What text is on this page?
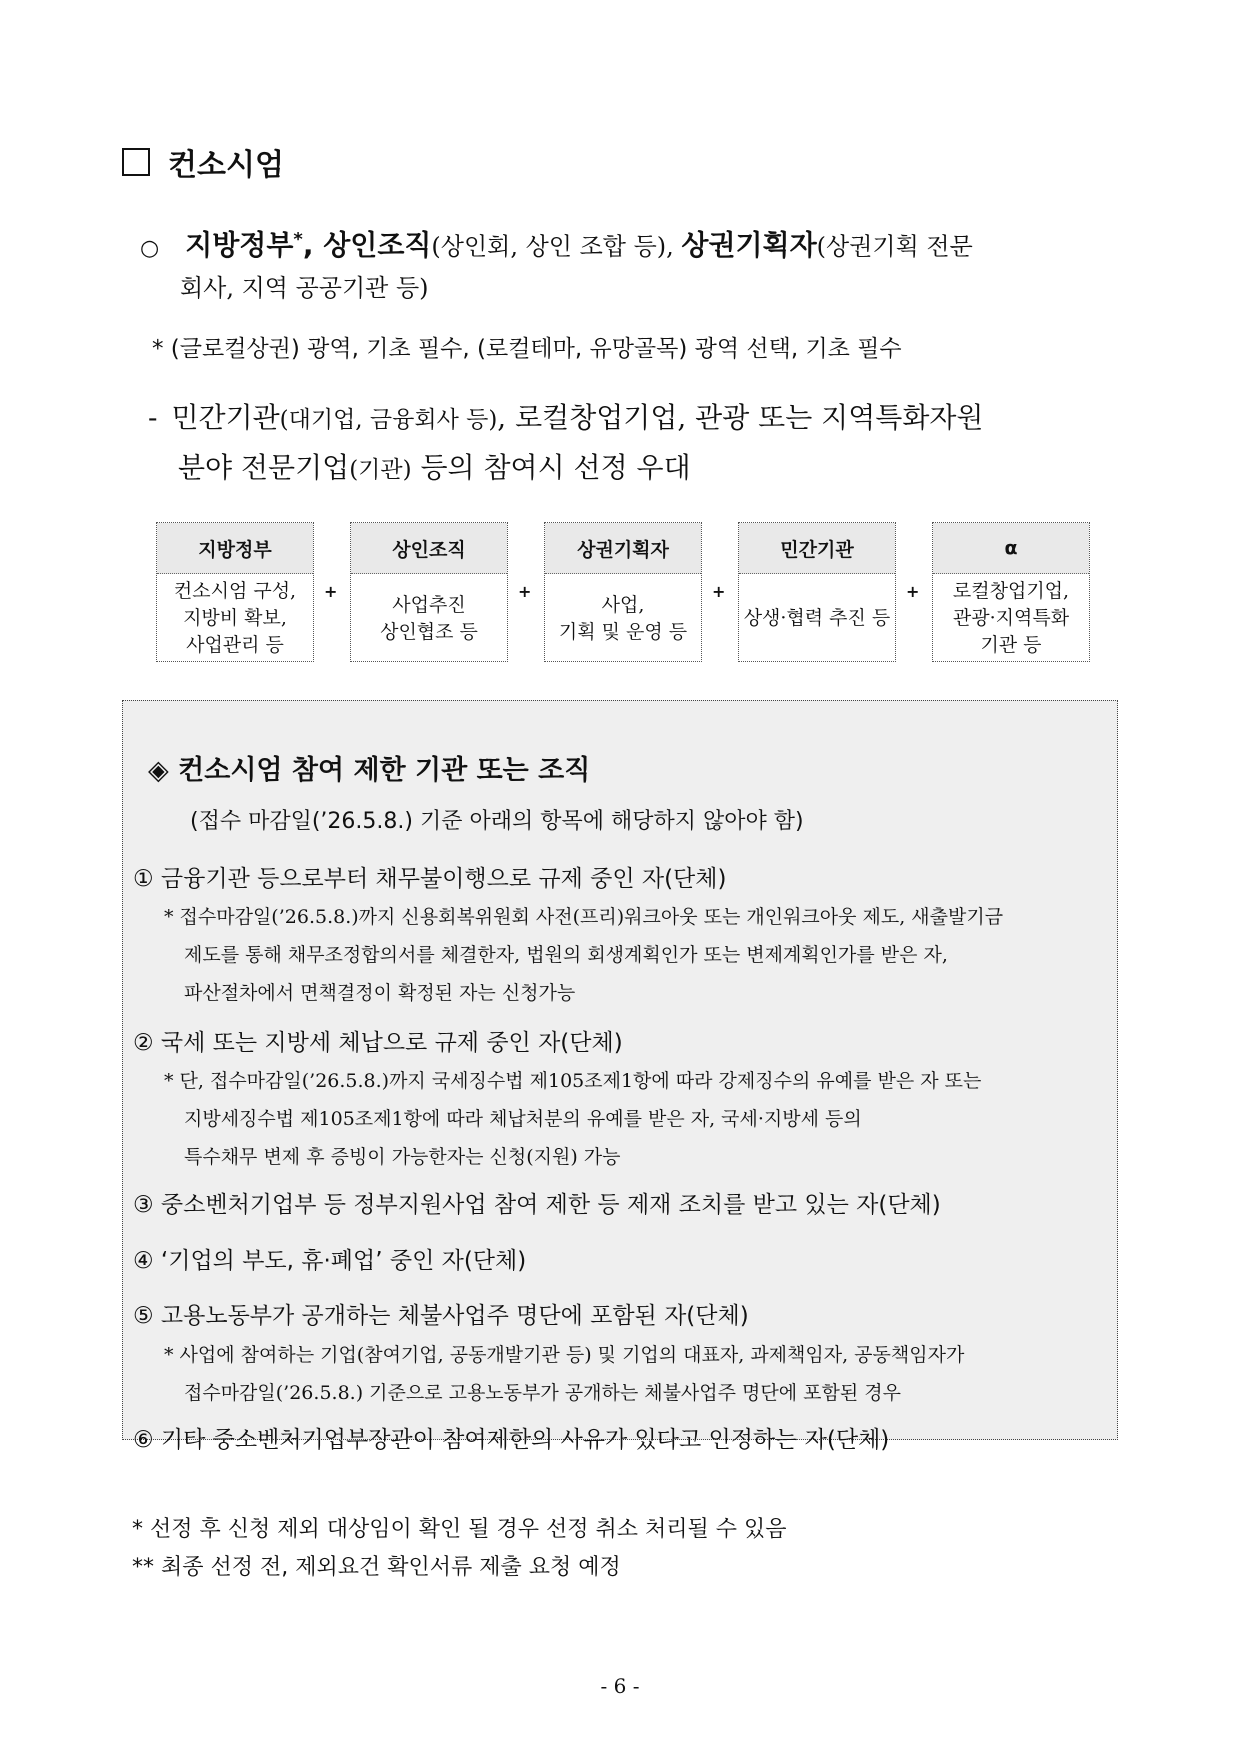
컨소시엄
○ 지방정부*, 상인조직(상인회, 상인 조합 등), 상권기획자(상권기획 전문
회사, 지역 공공기관 등)
* (글로컬상권) 광역, 기초 필수, (로컬테마, 유망골목) 광역 선택, 기초 필수
- 민간기관(대기업, 금융회사 등), 로컬창업기업, 관광 또는 지역특화자원
분야 전문기업(기관) 등의 참여시 선정 우대
지방정부
컨소시엄 구성,
지방비 확보,
사업관리 등
+
상인조직
사업추진
상인협조 등
+
상권기획자
사업,
기획 및 운영 등
+
민간기관
상생·협력 추진 등
+
α
로컬창업기업,
관광·지역특화
기관 등
◈ 컨소시엄 참여 제한 기관 또는 조직
(접수 마감일(’26.5.8.) 기준 아래의 항목에 해당하지 않아야 함)
① 금융기관 등으로부터 채무불이행으로 규제 중인 자(단체)
* 접수마감일(’26.5.8.)까지 신용회복위원회 사전(프리)워크아웃 또는 개인워크아웃 제도, 새출발기금
제도를 통해 채무조정합의서를 체결한자, 법원의 회생계획인가 또는 변제계획인가를 받은 자,
파산절차에서 면책결정이 확정된 자는 신청가능
② 국세 또는 지방세 체납으로 규제 중인 자(단체)
* 단, 접수마감일(’26.5.8.)까지 국세징수법 제105조제1항에 따라 강제징수의 유예를 받은 자 또는
지방세징수법 제105조제1항에 따라 체납처분의 유예를 받은 자, 국세·지방세 등의
특수채무 변제 후 증빙이 가능한자는 신청(지원) 가능
③ 중소벤처기업부 등 정부지원사업 참여 제한 등 제재 조치를 받고 있는 자(단체)
④ ‘기업의 부도, 휴·폐업’ 중인 자(단체)
⑤ 고용노동부가 공개하는 체불사업주 명단에 포함된 자(단체)
* 사업에 참여하는 기업(참여기업, 공동개발기관 등) 및 기업의 대표자, 과제책임자, 공동책임자가
접수마감일(’26.5.8.) 기준으로 고용노동부가 공개하는 체불사업주 명단에 포함된 경우
⑥ 기타 중소벤처기업부장관이 참여제한의 사유가 있다고 인정하는 자(단체)
* 선정 후 신청 제외 대상임이 확인 될 경우 선정 취소 처리될 수 있음
** 최종 선정 전, 제외요건 확인서류 제출 요청 예정
- 6 -
